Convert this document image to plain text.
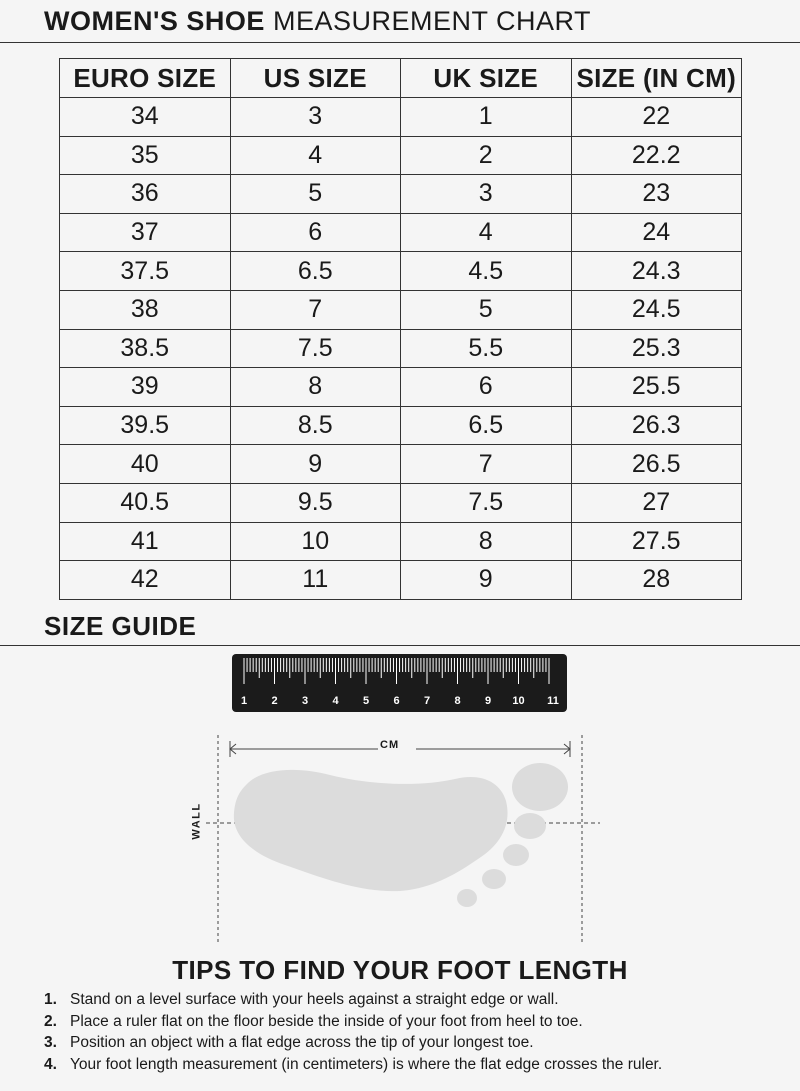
WOMEN'S SHOE MEASUREMENT CHART
EURO SIZE	US SIZE	UK SIZE	SIZE (IN CM)
34	3	1	22
35	4	2	22.2
36	5	3	23
37	6	4	24
37.5	6.5	4.5	24.3
38	7	5	24.5
38.5	7.5	5.5	25.3
39	8	6	25.5
39.5	8.5	6.5	26.3
40	9	7	26.5
40.5	9.5	7.5	27
41	10	8	27.5
42	11	9	28
SIZE GUIDE
1 2 3 4 5 6 7 8 9 10 11
CM
WALL
TIPS TO FIND YOUR FOOT LENGTH
1. Stand on a level surface with your heels against a straight edge or wall.
2. Place a ruler flat on the floor beside the inside of your foot from heel to toe.
3. Position an object with a flat edge across the tip of your longest toe.
4. Your foot length measurement (in centimeters) is where the flat edge crosses the ruler.
